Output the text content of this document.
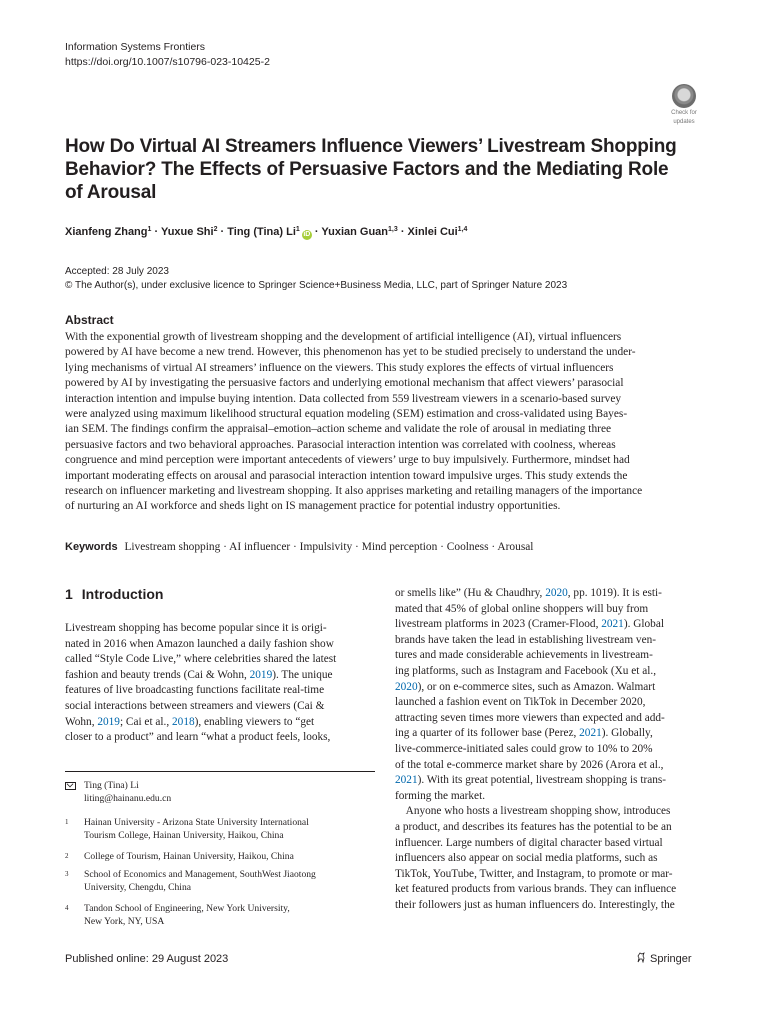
Information Systems Frontiers
https://doi.org/10.1007/s10796-023-10425-2
Check for
updates
How Do Virtual AI Streamers Influence Viewers’ Livestream Shopping
Behavior? The Effects of Persuasive Factors and the Mediating Role
of Arousal
Xianfeng Zhang$^1$ · Yuxue Shi$^2$ · Ting (Tina) $Li^1iD$ · Yuxian Guan$^{1,3}$ · Xinlei Cui$^{1,4}$
Accepted: 28 July 2023
© The Author(s), under exclusive licence to Springer Science+Business Media, LLC, part of Springer Nature 2023
Abstract
With the exponential growth of livestream shopping and the development of artificial intelligence (AI), virtual influencers
powered by AI have become a new trend. However, this phenomenon has yet to be studied precisely to understand the under-
lying mechanisms of virtual AI streamers’ influence on the viewers. This study explores the effects of virtual influencers
powered by AI by investigating the persuasive factors and underlying emotional mechanism that affect viewers’ parasocial
interaction intention and impulse buying intention. Data collected from 559 livestream viewers in a scenario-based survey
were analyzed using maximum likelihood structural equation modeling (SEM) estimation and cross-validated using Bayes-
ian SEM. The findings confirm the appraisal–emotion–action scheme and validate the role of arousal in mediating three
persuasive factors and two behavioral approaches. Parasocial interaction intention was correlated with coolness, whereas
congruence and mind perception were important antecedents of viewers’ urge to buy impulsively. Furthermore, mindset had
important moderating effects on arousal and parasocial interaction intention toward impulsive urges. This study extends the
research on influencer marketing and livestream shopping. It also apprises marketing and retailing managers of the importance
of nurturing an AI workforce and sheds light on IS management practice for potential industry opportunities.
Keywords Livestream shopping · AI influencer · Impulsivity · Mind perception · Coolness · Arousal
1 Introduction
Livestream shopping has become popular since it is origi-
nated in 2016 when Amazon launched a daily fashion show
called “Style Code Live,” where celebrities shared the latest
fashion and beauty trends (Cai & Wohn, 2019). The unique
features of live broadcasting functions facilitate real-time
social interactions between streamers and viewers (Cai &
Wohn, 2019; Cai et al., 2018), enabling viewers to “get
closer to a product” and learn “what a product feels, looks,
or smells like” (Hu & Chaudhry, 2020, pp. 1019). It is esti-
mated that 45% of global online shoppers will buy from
livestream platforms in 2023 (Cramer-Flood, 2021). Global
brands have taken the lead in establishing livestream ven-
tures and made considerable achievements in livestream-
ing platforms, such as Instagram and Facebook (Xu et al.,
2020), or on e-commerce sites, such as Amazon. Walmart
launched a fashion event on TikTok in December 2020,
attracting seven times more viewers than expected and add-
ing a quarter of its follower base (Perez, 2021). Globally,
live-commerce-initiated sales could grow to 10% to 20%
of the total e-commerce market share by 2026 (Arora et al.,
2021). With its great potential, livestream shopping is trans-
forming the market.
Anyone who hosts a livestream shopping show, introduces
a product, and describes its features has the potential to be an
influencer. Large numbers of digital character based virtual
influencers also appear on social media platforms, such as
TikTok, YouTube, Twitter, and Instagram, to promote or mar-
ket featured products from various brands. They can influence
their followers just as human influencers do. Interestingly, the
Ting (Tina) Li
liting@hainanu.edu.cn
1 Hainan University - Arizona State University International
Tourism College, Hainan University, Haikou, China
2 College of Tourism, Hainan University, Haikou, China
3 School of Economics and Management, SouthWest Jiaotong
University, Chengdu, China
4 Tandon School of Engineering, New York University,
New York, NY, USA
Published online: 29 August 2023	Springer
